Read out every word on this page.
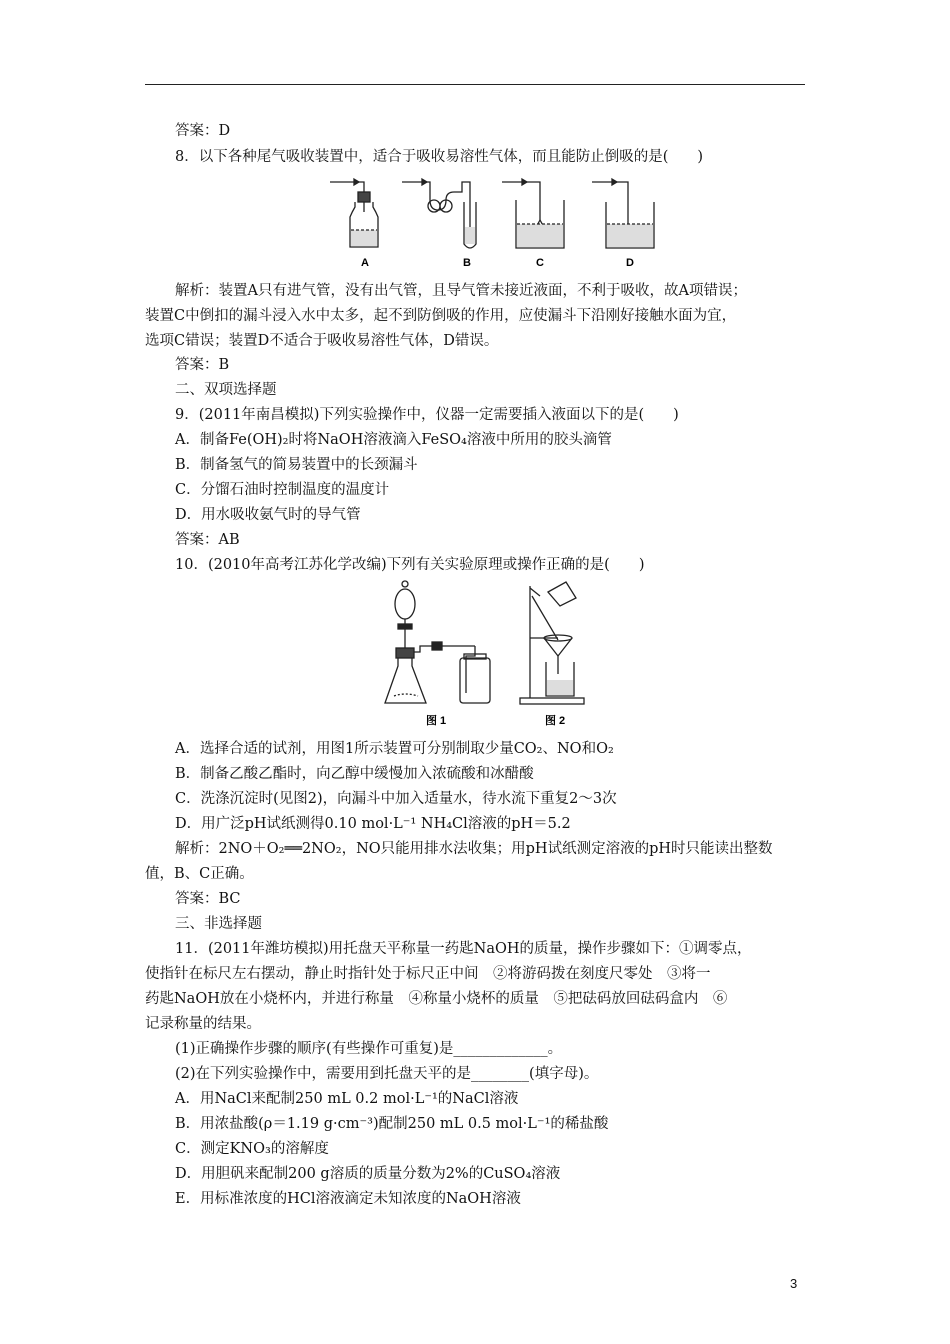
答案：D
8．以下各种尾气吸收装置中，适合于吸收易溶性气体，而且能防止倒吸的是(　　)
A	B	C	D
解析：装置A只有进气管，没有出气管，且导气管未接近液面，不利于吸收，故A项错误；
装置C中倒扣的漏斗浸入水中太多，起不到防倒吸的作用，应使漏斗下沿刚好接触水面为宜，
选项C错误；装置D不适合于吸收易溶性气体，D错误。
答案：B
二、双项选择题
9．(2011年南昌模拟)下列实验操作中，仪器一定需要插入液面以下的是(　　)
A．制备Fe(OH)₂时将NaOH溶液滴入FeSO₄溶液中所用的胶头滴管
B．制备氢气的简易装置中的长颈漏斗
C．分馏石油时控制温度的温度计
D．用水吸收氨气时的导气管
答案：AB
10．(2010年高考江苏化学改编)下列有关实验原理或操作正确的是(　　)
图 1	图 2
A．选择合适的试剂，用图1所示装置可分别制取少量CO₂、NO和O₂
B．制备乙酸乙酯时，向乙醇中缓慢加入浓硫酸和冰醋酸
C．洗涤沉淀时(见图2)，向漏斗中加入适量水，待水流下重复2～3次
D．用广泛pH试纸测得0.10 mol·L⁻¹ NH₄Cl溶液的pH＝5.2
解析：2NO＋O₂══2NO₂，NO只能用排水法收集；用pH试纸测定溶液的pH时只能读出整数
值，B、C正确。
答案：BC
三、非选择题
11．(2011年潍坊模拟)用托盘天平称量一药匙NaOH的质量，操作步骤如下：①调零点，
使指针在标尺左右摆动，静止时指针处于标尺正中间　②将游码拨在刻度尺零处　③将一
药匙NaOH放在小烧杯内，并进行称量　④称量小烧杯的质量　⑤把砝码放回砝码盒内　⑥
记录称量的结果。
(1)正确操作步骤的顺序(有些操作可重复)是_____________。
(2)在下列实验操作中，需要用到托盘天平的是________(填字母)。
A．用NaCl来配制250 mL 0.2 mol·L⁻¹的NaCl溶液
B．用浓盐酸(ρ＝1.19 g·cm⁻³)配制250 mL 0.5 mol·L⁻¹的稀盐酸
C．测定KNO₃的溶解度
D．用胆矾来配制200 g溶质的质量分数为2%的CuSO₄溶液
E．用标准浓度的HCl溶液滴定未知浓度的NaOH溶液
3
